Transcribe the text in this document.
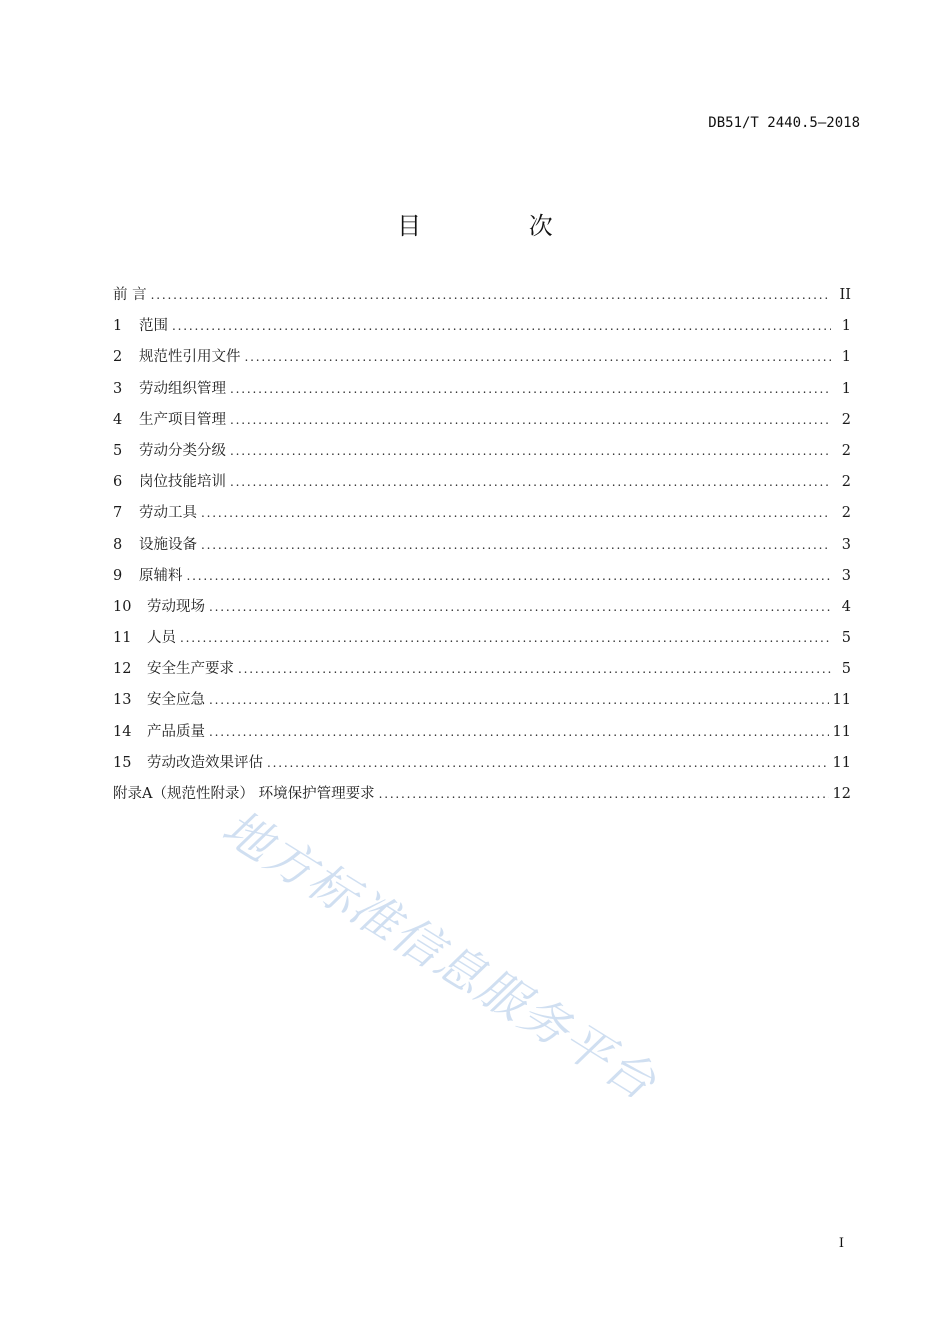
DB51/T 2440.5—2018
目 次
前 言 .....	II
1	范围 .....	1
2	规范性引用文件 .....	1
3	劳动组织管理 .....	1
4	生产项目管理 .....	2
5	劳动分类分级 .....	2
6	岗位技能培训 .....	2
7	劳动工具 .....	2
8	设施设备 .....	3
9	原辅料 .....	3
10	劳动现场 .....	4
11	人员 .....	5
12	安全生产要求 .....	5
13	安全应急 .....	11
14	产品质量 .....	11
15	劳动改造效果评估 .....	11
附录A（规范性附录） 环境保护管理要求 .....	12
I
地方标准信息服务平台
